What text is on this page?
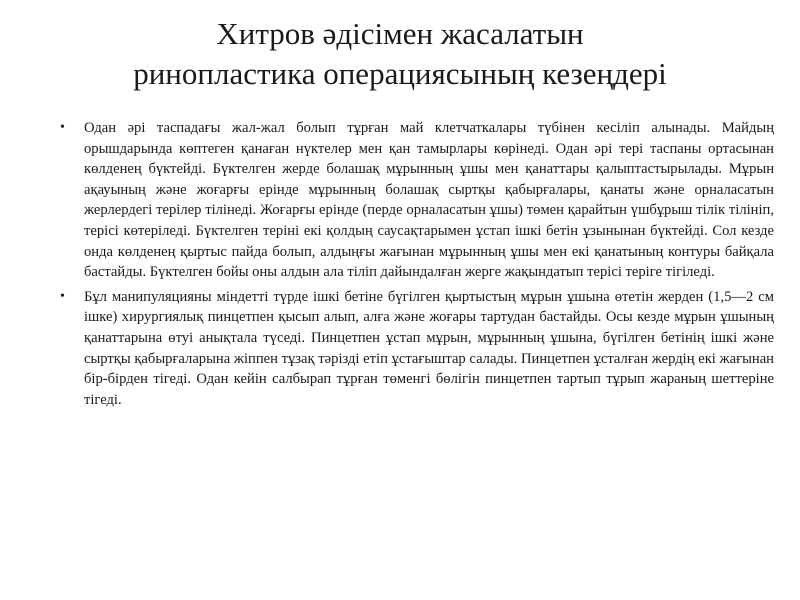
Хитров әдісімен жасалатын
ринопластика операциясының кезеңдері
•	Одан әрі таспадағы жал-жал болып тұрған май клетчаткалары түбінен кесіліп алынады. Майдың орышдарында көптеген қанаған нүктелер мен қан тамырлары көрінеді. Одан әрі тері таспаны ортасынан көлденең бүктейді. Бүктелген жерде болашақ мұрынның ұшы мен қанаттары қалыптастырылады. Мұрын ақауының және жоғарғы ерінде мұрынның болашақ сыртқы қабырғалары, қанаты және орналасатын жерлердегі терілер тілінеді. Жоғарғы ерінде (перде орналасатын ұшы) төмен қарайтын үшбұрыш тілік тілініп, терісі көтеріледі. Бүктелген теріні екі қолдың саусақтарымен ұстап ішкі бетін ұзынынан бүктейді. Сол кезде онда көлденең қыртыс пайда болып, алдыңғы жағынан мұрынның ұшы мен екі қанатының контуры байқала бастайды. Бүктелген бойы оны алдын ала тіліп дайындалған жерге жақындатып терісі теріге тігіледі.
•	Бұл манипуляцияны міндетті түрде ішкі бетіне бүгілген қыртыстың мұрын ұшына өтетін жерден (1,5—2 см ішке) хирургиялық пинцетпен қысып алып, алға және жоғары тартудан бастайды. Осы кезде мұрын ұшының қанаттарына өтуі анықтала түседі. Пинцетпен ұстап мұрын, мұрынның ұшына, бүгілген бетінің ішкі және сыртқы қабырғаларына жіппен тұзақ тәрізді етіп ұстағыштар салады. Пинцетпен ұсталған жердің екі жағынан бір-бірден тігеді. Одан кейін салбырап тұрған төменгі бөлігін пинцетпен тартып тұрып жараның шеттеріне тігеді.
